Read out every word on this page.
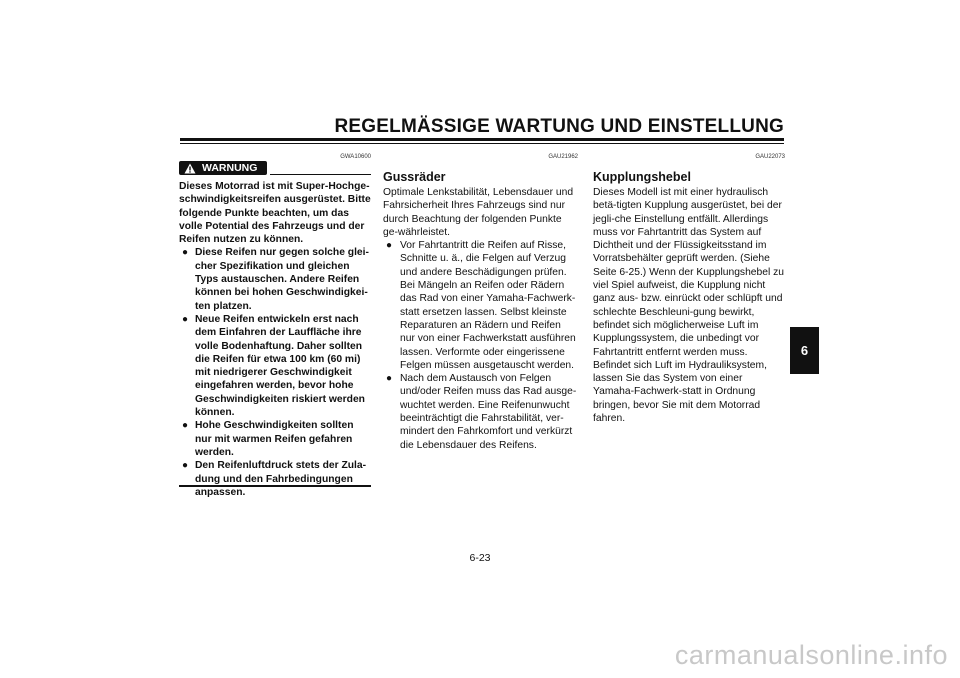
REGELMÄSSIGE WARTUNG UND EINSTELLUNG
GWA10600
WARNUNG

Dieses Motorrad ist mit Super-Hochge-schwindigkeitsreifen ausgerüstet. Bitte folgende Punkte beachten, um das volle Potential des Fahrzeugs und der Reifen nutzen zu können.

● Diese Reifen nur gegen solche glei-cher Spezifikation und gleichen Typs austauschen. Andere Reifen können bei hohen Geschwindigkei-ten platzen.
● Neue Reifen entwickeln erst nach dem Einfahren der Lauffläche ihre volle Bodenhaftung. Daher sollten die Reifen für etwa 100 km (60 mi) mit niedrigerer Geschwindigkeit eingefahren werden, bevor hohe Geschwindigkeiten riskiert werden können.
● Hohe Geschwindigkeiten sollten nur mit warmen Reifen gefahren werden.
● Den Reifenluftdruck stets der Zula-dung und den Fahrbedingungen anpassen.
GAU21962
Gussräder

Optimale Lenkstabilität, Lebensdauer und Fahrsicherheit Ihres Fahrzeugs sind nur durch Beachtung der folgenden Punkte ge-währleistet.

● Vor Fahrtantritt die Reifen auf Risse, Schnitte u. ä., die Felgen auf Verzug und andere Beschädigungen prüfen. Bei Mängeln an Reifen oder Rädern das Rad von einer Yamaha-Fachwerk-statt ersetzen lassen. Selbst kleinste Reparaturen an Rädern und Reifen nur von einer Fachwerkstatt ausführen lassen. Verformte oder eingerissene Felgen müssen ausgetauscht werden.
● Nach dem Austausch von Felgen und/oder Reifen muss das Rad ausge-wuchtet werden. Eine Reifenunwucht beeinträchtigt die Fahrstabilität, ver-mindert den Fahrkomfort und verkürzt die Lebensdauer des Reifens.
GAU22073
Kupplungshebel

Dieses Modell ist mit einer hydraulisch betä-tigten Kupplung ausgerüstet, bei der jegli-che Einstellung entfällt. Allerdings muss vor Fahrtantritt das System auf Dichtheit und der Flüssigkeitsstand im Vorratsbehälter geprüft werden. (Siehe Seite 6-25.) Wenn der Kupplungshebel zu viel Spiel aufweist, die Kupplung nicht ganz aus- bzw. einrückt oder schlüpft und schlechte Beschleuni-gung bewirkt, befindet sich möglicherweise Luft im Kupplungssystem, die unbedingt vor Fahrtantritt entfernt werden muss. Befindet sich Luft im Hydrauliksystem, lassen Sie das System von einer Yamaha-Fachwerk-statt in Ordnung bringen, bevor Sie mit dem Motorrad fahren.

6
6-23
carmanualsonline.info
